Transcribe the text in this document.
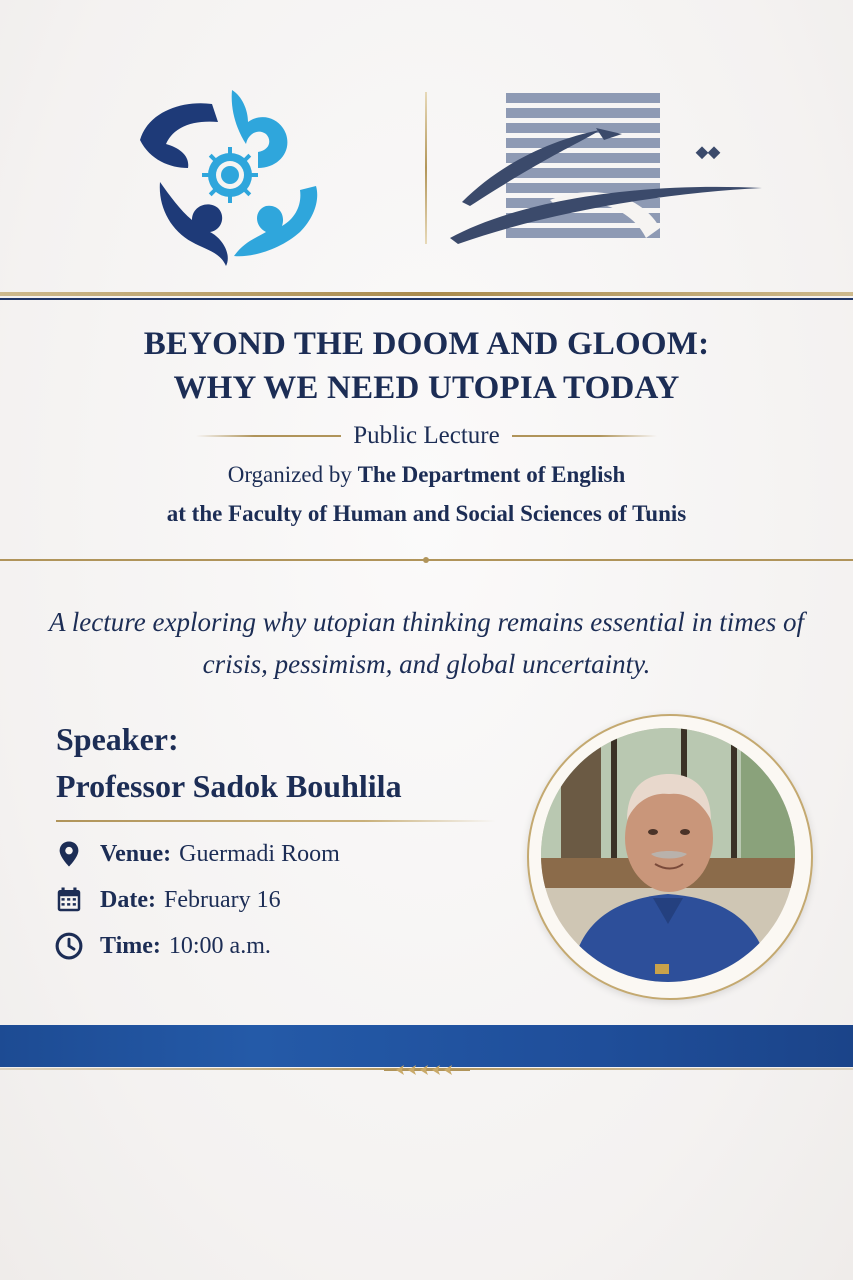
BEYOND THE DOOM AND GLOOM:
WHY WE NEED UTOPIA TODAY
Public Lecture
Organized by The Department of English
at the Faculty of Human and Social Sciences of Tunis
A lecture exploring why utopian thinking remains essential in times of crisis, pessimism, and global uncertainty.
Speaker:
Professor Sadok Bouhlila
Venue: Guermadi Room
Date: February 16
Time: 10:00 a.m.
